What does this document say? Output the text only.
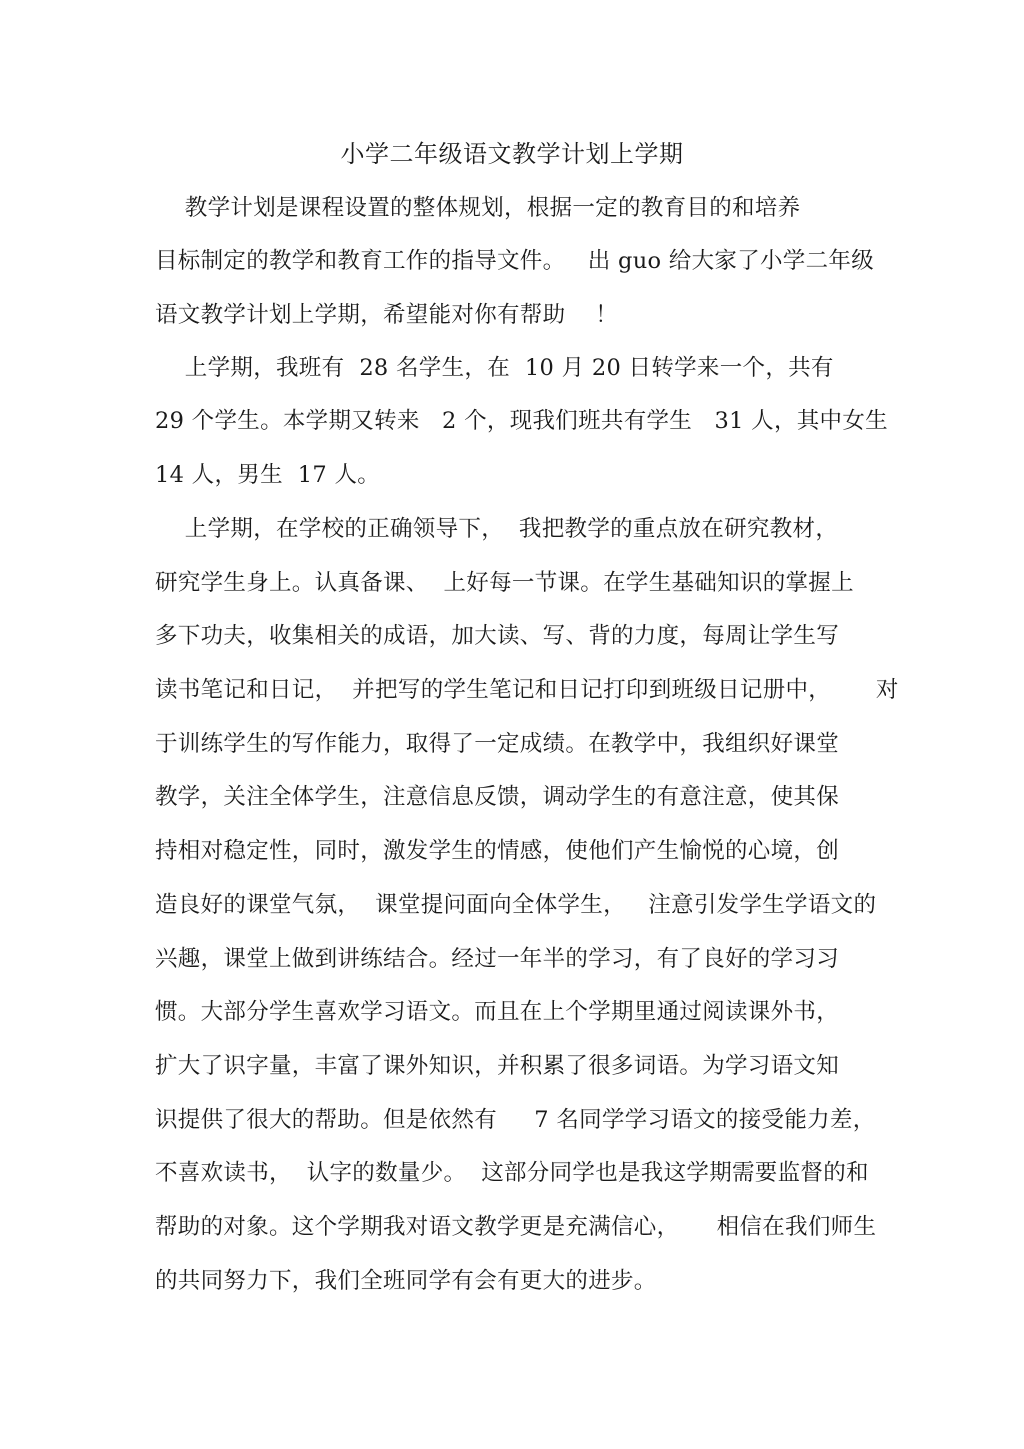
小学二年级语文教学计划上学期
教学计划是课程设置的整体规划，根据一定的教育目的和培养
目标制定的教学和教育工作的指导文件。   出 guo 给大家了小学二年级
语文教学计划上学期，希望能对你有帮助    ！
上学期，我班有  28 名学生，在  10 月 20 日转学来一个，共有
29 个学生。本学期又转来   2 个，现我们班共有学生   31 人，其中女生
14 人，男生  17 人。
上学期，在学校的正确领导下，  我把教学的重点放在研究教材，
研究学生身上。认真备课、  上好每一节课。在学生基础知识的掌握上
多下功夫，收集相关的成语，加大读、写、背的力度，每周让学生写
读书笔记和日记，  并把写的学生笔记和日记打印到班级日记册中，      对
于训练学生的写作能力，取得了一定成绩。在教学中，我组织好课堂
教学，关注全体学生，注意信息反馈，调动学生的有意注意，使其保
持相对稳定性，同时，激发学生的情感，使他们产生愉悦的心境，创
造良好的课堂气氛，  课堂提问面向全体学生，   注意引发学生学语文的
兴趣，课堂上做到讲练结合。经过一年半的学习，有了良好的学习习
惯。大部分学生喜欢学习语文。而且在上个学期里通过阅读课外书，
扩大了识字量，丰富了课外知识，并积累了很多词语。为学习语文知
识提供了很大的帮助。但是依然有     7 名同学学习语文的接受能力差，
不喜欢读书，  认字的数量少。  这部分同学也是我这学期需要监督的和
帮助的对象。这个学期我对语文教学更是充满信心，     相信在我们师生
的共同努力下，我们全班同学有会有更大的进步。
